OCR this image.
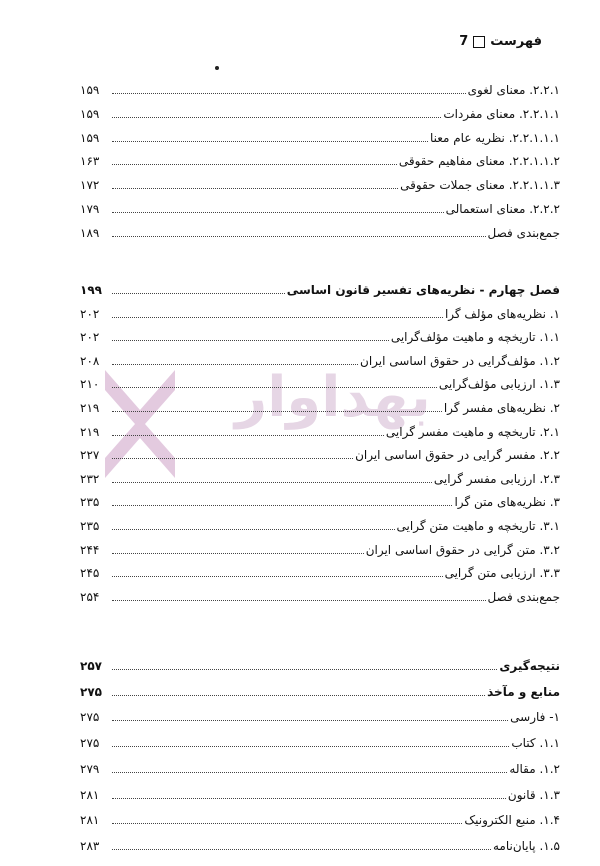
فهرست
7
بهداوار
۲.۲.۱. معنای لغوی
۱۵۹
۲.۲.۱.۱. معنای مفردات
۱۵۹
۲.۲.۱.۱.۱. نظریه عام معنا
۱۵۹
۲.۲.۱.۱.۲. معنای مفاهیم حقوقی
۱۶۳
۲.۲.۱.۱.۳. معنای جملات حقوقی
۱۷۲
۲.۲.۲. معنای استعمالی
۱۷۹
جمع‌بندی فصل
۱۸۹
فصل چهارم - نظریه‌های تفسیر قانون اساسی
۱۹۹
۱. نظریه‌های مؤلف گرا
۲۰۲
۱.۱. تاریخچه و ماهیت مؤلف‌گرایی
۲۰۲
۱.۲. مؤلف‌گرایی در حقوق اساسی ایران
۲۰۸
۱.۳. ارزیابی مؤلف‌گرایی
۲۱۰
۲. نظریه‌های مفسر گرا
۲۱۹
۲.۱. تاریخچه و ماهیت مفسر گرایی
۲۱۹
۲.۲. مفسر گرایی در حقوق اساسی ایران
۲۲۷
۲.۳. ارزیابی مفسر گرایی
۲۳۲
۳. نظریه‌های متن گرا
۲۳۵
۳.۱. تاریخچه و ماهیت متن گرایی
۲۳۵
۳.۲. متن گرایی در حقوق اساسی ایران
۲۴۴
۳.۳. ارزیابی متن گرایی
۲۴۵
جمع‌بندی فصل
۲۵۴
نتیجه‌گیری
۲۵۷
منابع و مآخذ
۲۷۵
۱- فارسی
۲۷۵
۱.۱. کتاب
۲۷۵
۱.۲. مقاله
۲۷۹
۱.۳. قانون
۲۸۱
۱.۴. منبع الکترونیک
۲۸۱
۱.۵. پایان‌نامه
۲۸۳
